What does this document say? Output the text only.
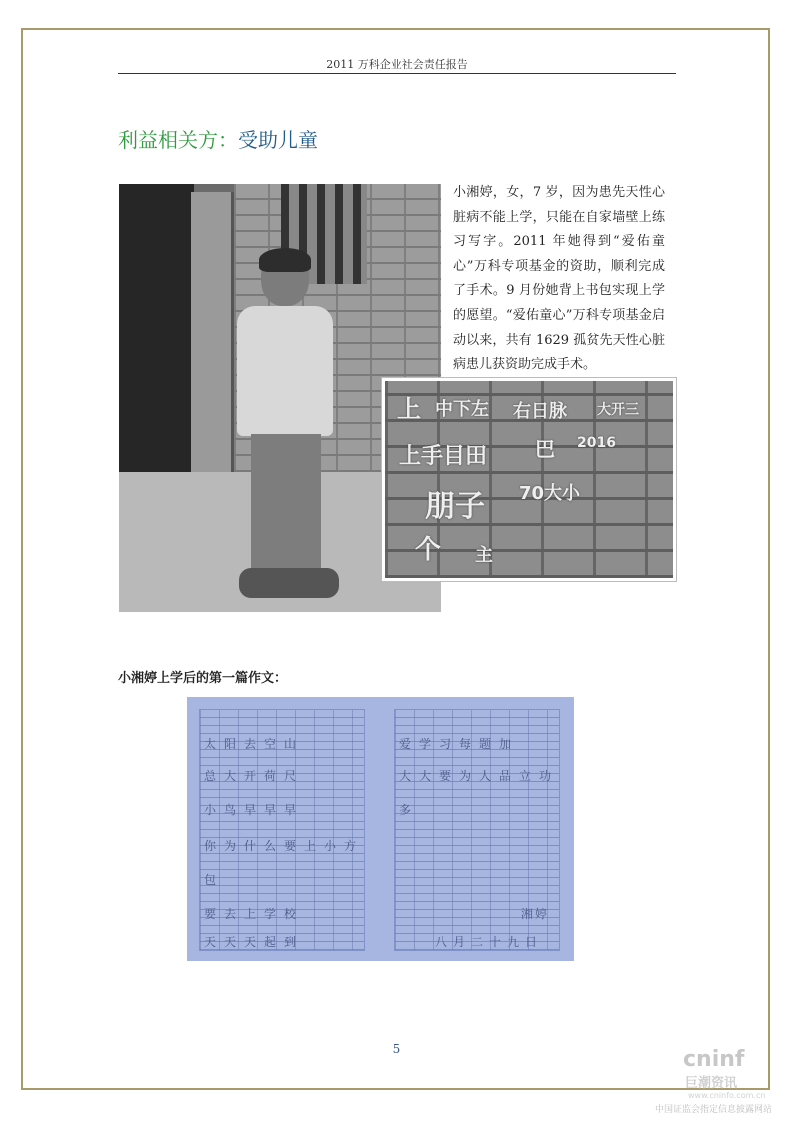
2011 万科企业社会责任报告
利益相关方：受助儿童
小湘婷，女，7 岁，因为患先天性心脏病不能上学，只能在自家墙壁上练习写字。2011 年她得到“爱佑童心”万科专项基金的资助，顺利完成了手术。9 月份她背上书包实现上学的愿望。“爱佑童心”万科专项基金启动以来，共有 1629 孤贫先天性心脏病患儿获资助完成手术。
上 中下左 右日脉 大开三
上手目田 巴 2016
朋子 70大小
个 主
小湘婷上学后的第一篇作文：
太阳去空山
总大开荷尺
小鸟早早早
你为什么要上小方
包
要去上学校
天天天起到
爱学习每题加
大大要为人品立功
多
湘婷
八月二十九日
5	cninf
巨潮资讯
www.cninfo.com.cn
中国证监会指定信息披露网站
